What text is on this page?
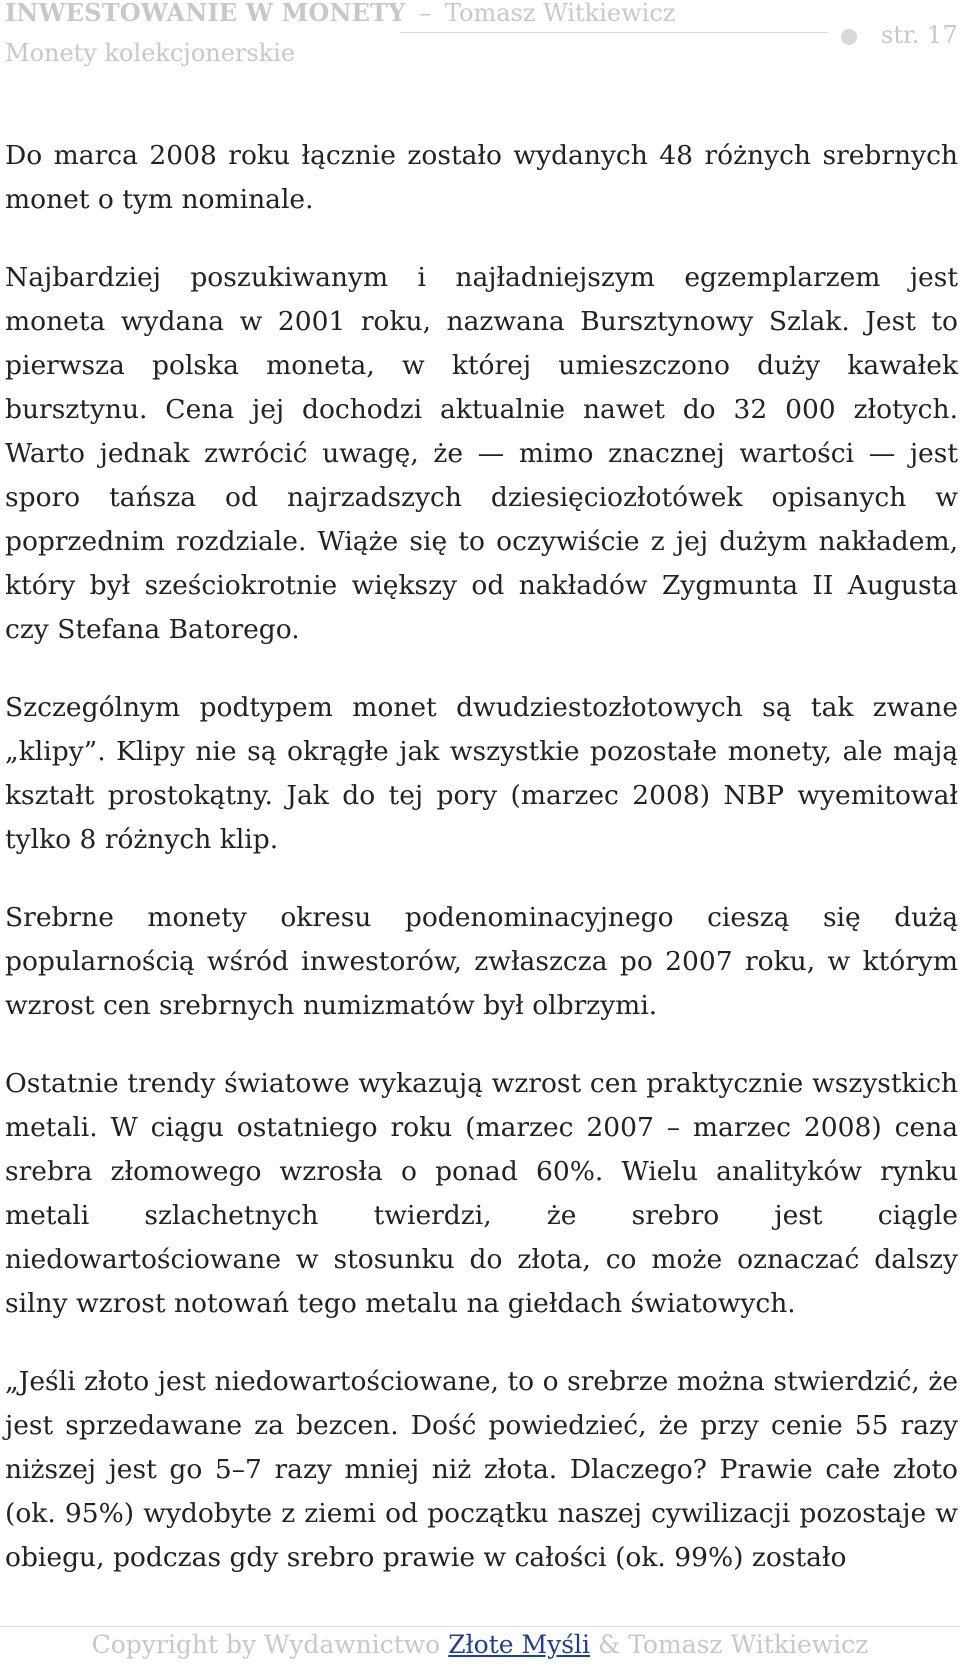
INWESTOWANIE W MONETY – Tomasz Witkiewicz
Monety kolekcjonerskie
str. 17

Do marca 2008 roku łącznie zostało wydanych 48 różnych srebrnych monet o tym nominale.

Najbardziej poszukiwanym i najładniejszym egzemplarzem jest moneta wydana w 2001 roku, nazwana Bursztynowy Szlak. Jest to pierwsza polska moneta, w której umieszczono duży kawałek bursztynu. Cena jej dochodzi aktualnie nawet do 32 000 złotych. Warto jednak zwrócić uwagę, że — mimo znacznej wartości — jest sporo tańsza od najrzadszych dziesięciozłotówek opisanych w poprzednim rozdziale. Wiąże się to oczywiście z jej dużym nakładem, który był sześciokrotnie większy od nakładów Zygmunta II Augusta czy Stefana Batorego.

Szczególnym podtypem monet dwudziestozłotowych są tak zwane „klipy”. Klipy nie są okrągłe jak wszystkie pozostałe monety, ale mają kształt prostokątny. Jak do tej pory (marzec 2008) NBP wyemitował tylko 8 różnych klip.

Srebrne monety okresu podenominacyjnego cieszą się dużą popularnością wśród inwestorów, zwłaszcza po 2007 roku, w którym wzrost cen srebrnych numizmatów był olbrzymi.

Ostatnie trendy światowe wykazują wzrost cen praktycznie wszystkich metali. W ciągu ostatniego roku (marzec 2007 – marzec 2008) cena srebra złomowego wzrosła o ponad 60%. Wielu analityków rynku metali szlachetnych twierdzi, że srebro jest ciągle niedowartościowane w stosunku do złota, co może oznaczać dalszy silny wzrost notowań tego metalu na giełdach światowych.

„Jeśli złoto jest niedowartościowane, to o srebrze można stwierdzić, że jest sprzedawane za bezcen. Dość powiedzieć, że przy cenie 55 razy niższej jest go 5–7 razy mniej niż złota. Dlaczego? Prawie całe złoto (ok. 95%) wydobyte z ziemi od początku naszej cywilizacji pozostaje w obiegu, podczas gdy srebro prawie w całości (ok. 99%) zostało

Copyright by Wydawnictwo Złote Myśli & Tomasz Witkiewicz
